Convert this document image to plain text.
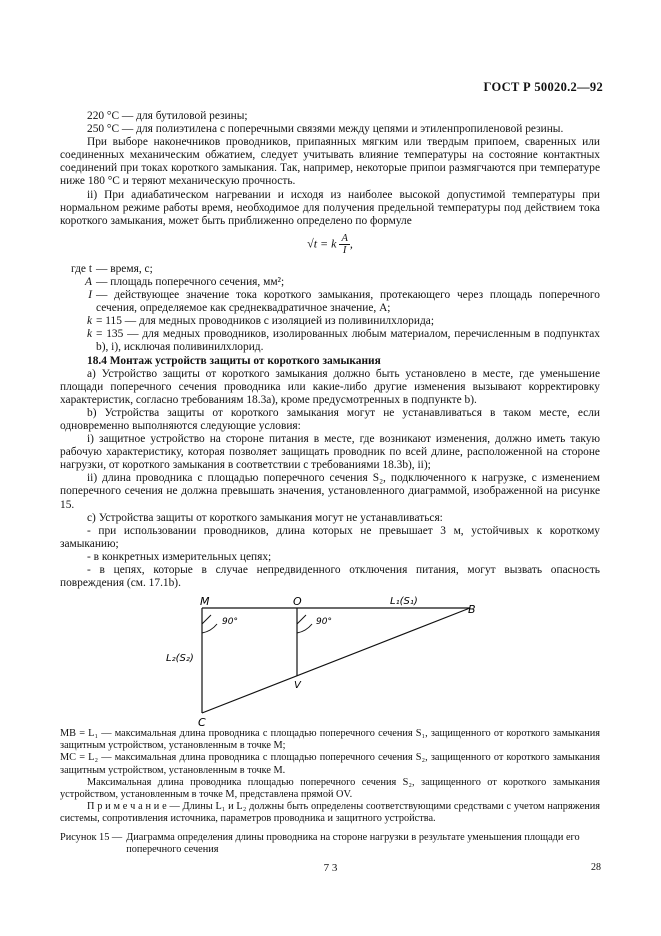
ГОСТ Р 50020.2—92

220 °С — для бутиловой резины;

250 °С — для полиэтилена с поперечными связями между цепями и этиленпропиленовой резины.

При выборе наконечников проводников, припаянных мягким или твердым припоем, сваренных или соединенных механическим обжатием, следует учитывать влияние температуры на состояние контактных соединений при токах короткого замыкания. Так, например, некоторые припои размягчаются при температуре ниже 180 °С и теряют механическую прочность.

ii) При адиабатическом нагревании и исходя из наиболее высокой допустимой температуры при нормальном режиме работы время, необходимое для получения предельной температуры под действием тока короткого замыкания, может быть приближенно определено по формуле

√t = k $\frac{A}{I}$ ,
где t — время, с;
A — площадь поперечного сечения, мм²;
I — действующее значение тока короткого замыкания, протекающего через площадь поперечного сечения, определяемое как среднеквадратичное значение, А;
k = 115 — для медных проводников с изоляцией из поливинилхлорида;
k = 135 — для медных проводников, изолированных любым материалом, перечисленным в подпунктах b), i), исключая поливинилхлорид.

18.4 Монтаж устройств защиты от короткого замыкания

а) Устройство защиты от короткого замыкания должно быть установлено в месте, где уменьшение площади поперечного сечения проводника или какие-либо другие изменения вызывают корректировку характеристик, согласно требованиям 18.3а), кроме предусмотренных в подпункте b).

b) Устройства защиты от короткого замыкания могут не устанавливаться в таком месте, если одновременно выполняются следующие условия:

i) защитное устройство на стороне питания в месте, где возникают изменения, должно иметь такую рабочую характеристику, которая позволяет защищать проводник по всей длине, расположенной на стороне нагрузки, от короткого замыкания в соответствии с требованиями 18.3b), ii);

ii) длина проводника с площадью поперечного сечения S₂, подключенного к нагрузке, с изменением поперечного сечения не должна превышать значения, установленного диаграммой, изображенной на рисунке 15.

с) Устройства защиты от короткого замыкания могут не устанавливаться:

- при использовании проводников, длина которых не превышает 3 м, устойчивых к короткому замыканию;

- в конкретных измерительных цепях;

- в цепях, которые в случае непредвиденного отключения питания, могут вызвать опасность повреждения (см. 17.1b).

M	O
B
C
V
L₁(S₁)
L₂(S₂)
90°	90°

MB = L₁ — максимальная длина проводника с площадью поперечного сечения S₁, защищенного от короткого замыкания защитным устройством, установленным в точке M;

MC = L₂ — максимальная длина проводника с площадью поперечного сечения S₂, защищенного от короткого замыкания защитным устройством, установленным в точке M.

Максимальная длина проводника площадью поперечного сечения S₂, защищенного от короткого замыкания устройством, установленным в точке M, представлена прямой OV.

П р и м е ч а н и е — Длины L₁ и L₂ должны быть определены соответствующими средствами с учетом напряжения системы, сопротивления источника, параметров проводника и защитного устройства.

Рисунок 15 — Диаграмма определения длины проводника на стороне нагрузки в результате уменьшения площади его поперечного сечения
7 3	28
